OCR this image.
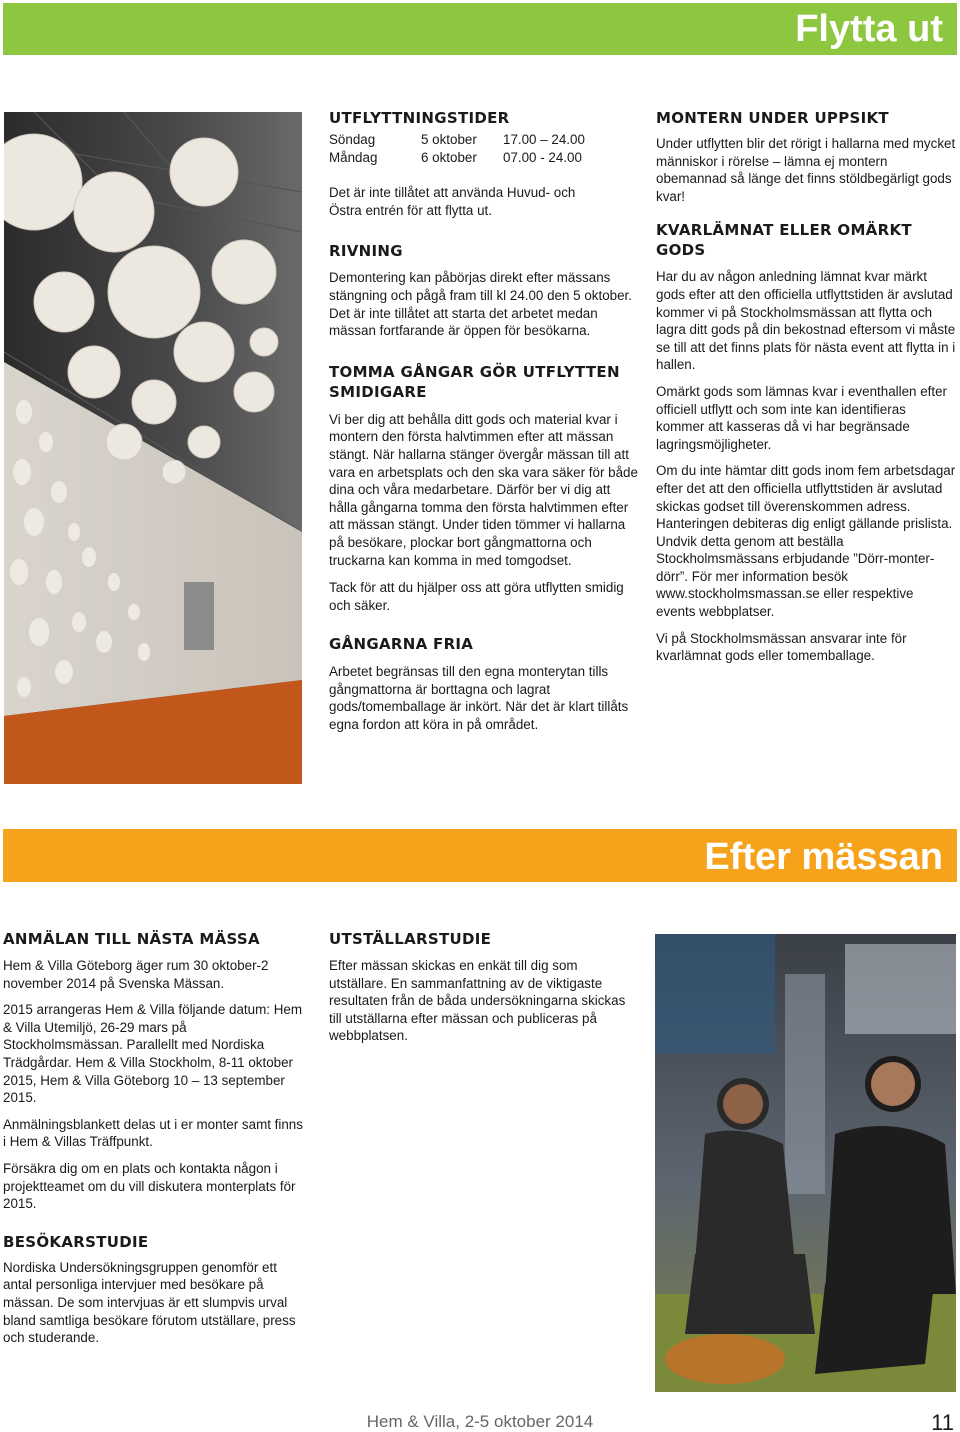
Flytta ut
UTFLYTTNINGSTIDER
Söndag	5 oktober	17.00 – 24.00
Måndag	6 oktober	07.00 - 24.00

Det är inte tillåtet att använda Huvud- och Östra entrén för att flytta ut.

RIVNING

Demontering kan påbörjas direkt efter mässans stängning och pågå fram till kl 24.00 den 5 oktober. Det är inte tillåtet att starta det arbetet medan mässan fortfarande är öppen för besökarna.

TOMMA GÅNGAR GÖR UTFLYTTEN SMIDIGARE

Vi ber dig att behålla ditt gods och material kvar i montern den första halvtimmen efter att mässan stängt. När hallarna stänger övergår mässan till att vara en arbetsplats och den ska vara säker för både dina och våra medarbetare. Därför ber vi dig att hålla gångarna tomma den första halvtimmen efter att mässan stängt. Under tiden tömmer vi hallarna på besökare, plockar bort gångmattorna och truckarna kan komma in med tomgodset.

Tack för att du hjälper oss att göra utflytten smidig och säker.

GÅNGARNA FRIA

Arbetet begränsas till den egna monterytan tills gångmattorna är borttagna och lagrat gods/tomemballage är inkört. När det är klart tillåts egna fordon att köra in på området.

MONTERN UNDER UPPSIKT

Under utflytten blir det rörigt i hallarna med mycket människor i rörelse – lämna ej montern obemannad så länge det finns stöldbegärligt gods kvar!

KVARLÄMNAT ELLER OMÄRKT GODS

Har du av någon anledning lämnat kvar märkt gods efter att den officiella utflyttstiden är avslutad kommer vi på Stockholmsmässan att flytta och lagra ditt gods på din bekostnad eftersom vi måste se till att det finns plats för nästa event att flytta in i hallen.

Omärkt gods som lämnas kvar i eventhallen efter officiell utflytt och som inte kan identifieras kommer att kasseras då vi har begränsade lagringsmöjligheter.

Om du inte hämtar ditt gods inom fem arbetsdagar efter det att den officiella utflyttstiden är avslutad skickas godset till överenskommen adress. Hanteringen debiteras dig enligt gällande prislista. Undvik detta genom att beställa Stockholmsmässans erbjudande ”Dörr-monter-dörr”. För mer information besök www.stockholmsmassan.se eller respektive events webbplatser.

Vi på Stockholmsmässan ansvarar inte för kvarlämnat gods eller tomemballage.

Efter mässan
ANMÄLAN TILL NÄSTA MÄSSA

Hem & Villa Göteborg äger rum 30 oktober-2 november 2014 på Svenska Mässan.

2015 arrangeras Hem & Villa följande datum: Hem & Villa Utemiljö, 26-29 mars på Stockholmsmässan. Parallellt med Nordiska Trädgårdar. Hem & Villa Stockholm, 8-11 oktober 2015, Hem & Villa Göteborg 10 – 13 september 2015.

Anmälningsblankett delas ut i er monter samt finns i Hem & Villas Träffpunkt.

Försäkra dig om en plats och kontakta någon i projektteamet om du vill diskutera monterplats för 2015.

BESÖKARSTUDIE

Nordiska Undersökningsgruppen genomför ett antal personliga intervjuer med besökare på mässan. De som intervjuas är ett slumpvis urval bland samtliga besökare förutom utställare, press och studerande.

UTSTÄLLARSTUDIE

Efter mässan skickas en enkät till dig som utställare. En sammanfattning av de viktigaste resultaten från de båda undersökningarna skickas till utställarna efter mässan och publiceras på webbplatsen.

Hem & Villa, 2-5 oktober 2014	11
